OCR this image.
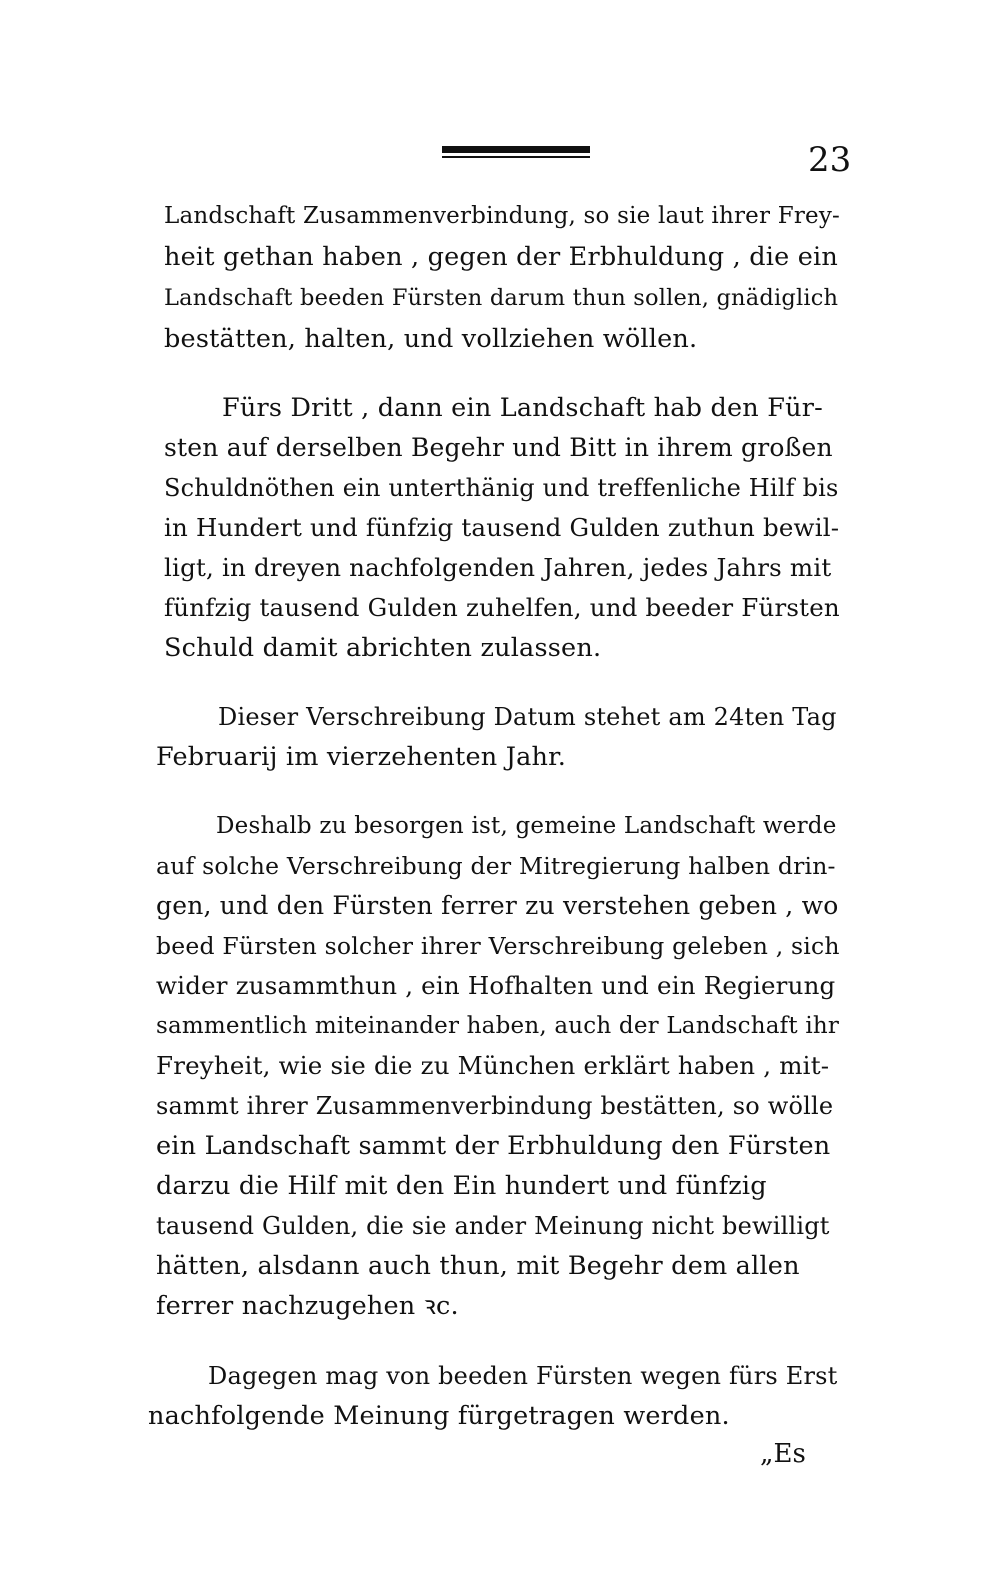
23
Landschaft Zusammenverbindung, so sie laut ihrer Frey-
heit gethan haben , gegen der Erbhuldung , die ein
Landschaft beeden Fürsten darum thun sollen, gnädiglich
bestätten, halten, und vollziehen wöllen.
Fürs Dritt , dann ein Landschaft hab den Für-
sten auf derselben Begehr und Bitt in ihrem großen
Schuldnöthen ein unterthänig und treffenliche Hilf bis
in Hundert und fünfzig tausend Gulden zuthun bewil-
ligt, in dreyen nachfolgenden Jahren, jedes Jahrs mit
fünfzig tausend Gulden zuhelfen, und beeder Fürsten
Schuld damit abrichten zulassen.
Dieser Verschreibung Datum stehet am 24ten Tag
Februarij im vierzehenten Jahr.
Deshalb zu besorgen ist, gemeine Landschaft werde
auf solche Verschreibung der Mitregierung halben drin-
gen, und den Fürsten ferrer zu verstehen geben , wo
beed Fürsten solcher ihrer Verschreibung geleben , sich
wider zusammthun , ein Hofhalten und ein Regierung
sammentlich miteinander haben, auch der Landschaft ihr
Freyheit, wie sie die zu München erklärt haben , mit-
sammt ihrer Zusammenverbindung bestätten, so wölle
ein Landschaft sammt der Erbhuldung den Fürsten
darzu die Hilf mit den Ein hundert und fünfzig
tausend Gulden, die sie ander Meinung nicht bewilligt
hätten, alsdann auch thun, mit Begehr dem allen
ferrer nachzugehen ꝛc.
Dagegen mag von beeden Fürsten wegen fürs Erst
nachfolgende Meinung fürgetragen werden.
„Es
